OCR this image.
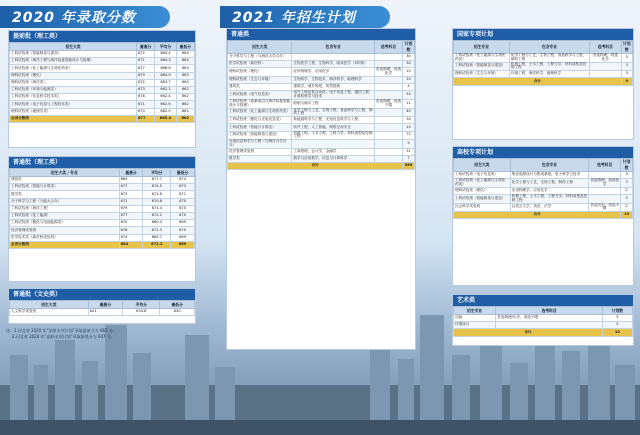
2020 年录取分数
提前批（理工类）
招生大类	最高分	平均分	最低分
工科试验班（智能制造与建造）	672	664.4	664
工科试验班（海洋工程与海洋装备智能设计与管理）	671	664.3	664
工科试验班（化工能源与生命医药类）	677	666.6	663
理科试验班（理化）	679	664.9	663
理科试验班（海洋类）	672	663.7	663
工科试验班（环境与能源类）	673	662.2	662
工科试验班（信息科学技术类）	678	662.4	662
工科试验班（电子信息与工程技术类）	671	662.6	662
理科试验班（地理学类）	670	662.0	662
全省分数线	677	665.4	662
普通批（理工类）
招生大类 / 专业	最高分	平均分	最低分
建筑类	684	677.7	674
工科试验班（智能与计算类）	677	674.5	673
数学类	673	671.8	671
分子科学与工程（天能大合办）	671	670.8	670
工科试验班（海洋工程）	679	671.4	670
工科试验班（化工能源）	677	672.2	670
工科试验班（镀化与电池能源类）	670	669.4	669
经济管理试验班	676	672.3	670
医学技术类（新医科试验班）	674	669.7	669
全省分数线	684	672.2	669
普通批（文史类）
招生大类	最高分	平均分	最低分
人文科学试验班	641	635.8	630
注：1.河北省 2020 年“国家专项计划”录取最低分为 663 分。
2.河北省 2020 年“高校专项计划”录取最低分为 647 分。
2021 年招生计划
普通类
招生大类	包含专业	选考科目	计划数
分子科学与工程（与海洋大学合办）			30
医学试验班（新医科）	生物医学工程，生物科学，临床医学（5年制）		30
理科试验班（理化）	应用物理学，应用化学	首选物理，再选化学	10
理科试验班（生态与环境）	生物科学，生物技术，海洋科学，地理科学		10
建筑类	建筑学，城乡规划，风景园林		4
工科试验班（电气信息类）	电气工程及其自动化，电子信息工程，通信工程，计算机科学与技术		55
工科试验班（高新前沿与海洋装备智能设计与管理）	船舶与海洋工程	首选物理，再选不限	11
工科试验班（化工能源与生命医药类）	化学工程与工艺，生物工程，食品科学与工程，制药工程		40
工科试验班（镀化与光电信息类）	新能源科学与工程，光电信息科学与工程		34
工科试验班（智能与计算类）	软件工程，人工智能，网络空间安全		15
工科试验班（智能制造与建造）	机械工程，土木工程，工程力学，材料成型及控制工程		72
光电信息科学与工程（与海洋大学合办）			5
经济管理试验班	工商管理，会计学，金融学		31
数学类	数学与应用数学，信息与计算科学		7
合计			369
国家专项计划
招生专业	包含专业	选考科目	计划数
工科试验班（化工能源与生命医药类）	化学工程与工艺，生物工程，食品科学与工程，制药工程	首选物理，再选化学	3
工科试验班（智能制造与建造）	机械工程，土木工程，工程力学，材料成型及控制工程		3
理科试验班（生态与环境）	环境工程，海洋科学，地理科学		3
合计			9
高校专项计划
招生大类	包含专业	选考科目	计划数
工科试验班（电子信息类）	集成电路设计与集成系统，电子科学与技术		3
工科试验班（化工能源与生命医药类）	化学工程与工艺，生物工程，制药工程	首选物理，再选化学	3
理科试验班（理化）	应用物理学，应用化学		2
工科试验班（智能制造与建造）	机械工程，土木工程，工程力学，材料成型及控制工程		5
社会科学试验班	汉语言文学，英语，法学	首选历史，再选不限	2
合计			15
艺术类
招生专业	选考科目	计划数
动画	首选物理/历史，再选不限	5
环境设计		5
合计		10
